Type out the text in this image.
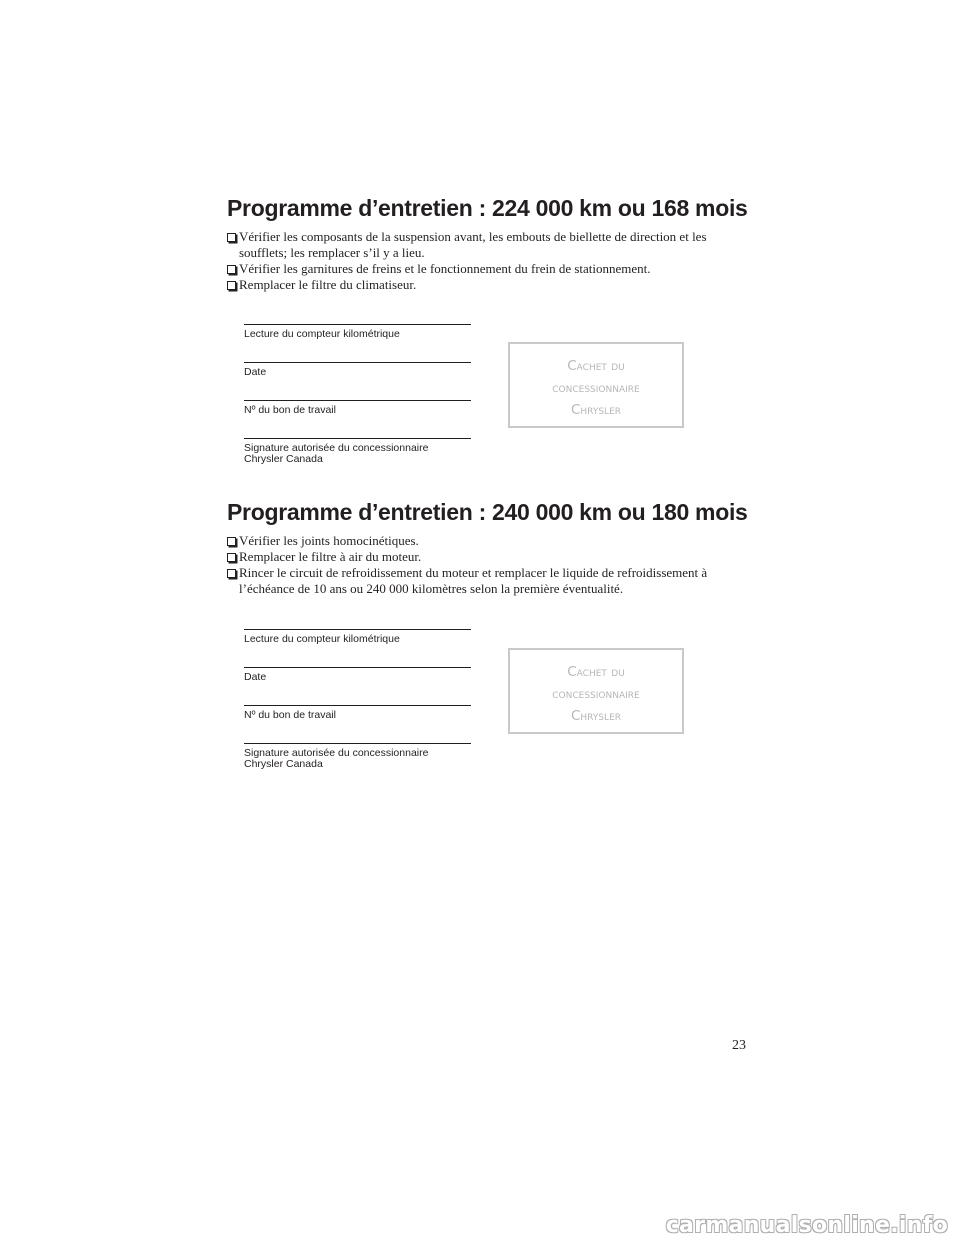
Programme d’entretien : 224 000 km ou 168 mois
Vérifier les composants de la suspension avant, les embouts de biellette de direction et les soufflets; les remplacer s’il y a lieu.
Vérifier les garnitures de freins et le fonctionnement du frein de stationnement.
Remplacer le filtre du climatiseur.
Lecture du compteur kilométrique
Date
Nº du bon de travail
Signature autorisée du concessionnaire
Chrysler Canada
Cachet du
concessionnaire
Chrysler
Programme d’entretien : 240 000 km ou 180 mois
Vérifier les joints homocinétiques.
Remplacer le filtre à air du moteur.
Rincer le circuit de refroidissement du moteur et remplacer le liquide de refroidissement à l’échéance de 10 ans ou 240 000 kilomètres selon la première éventualité.
Lecture du compteur kilométrique
Date
Nº du bon de travail
Signature autorisée du concessionnaire
Chrysler Canada
Cachet du
concessionnaire
Chrysler
23
carmanualsonline.info
